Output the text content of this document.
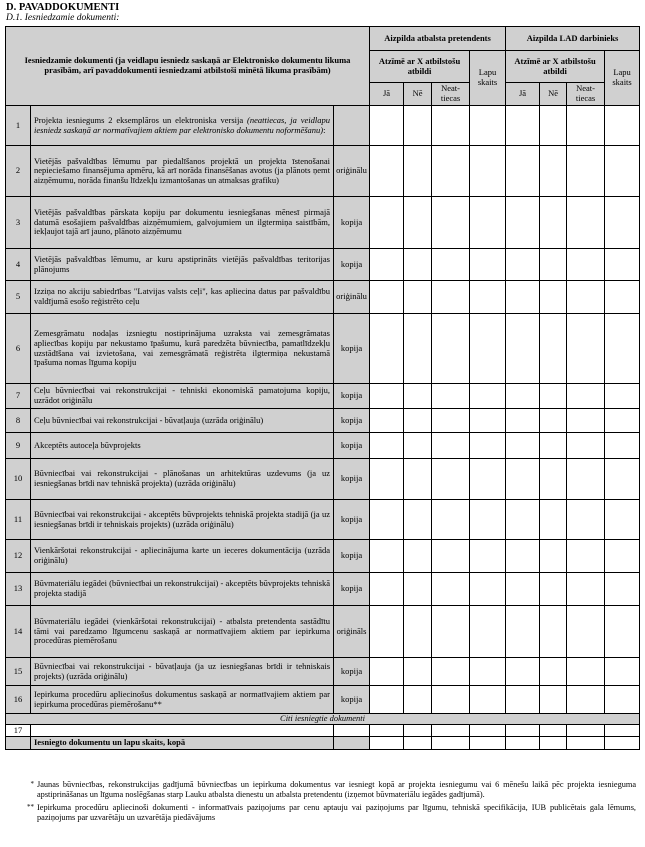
D. PAVADDOKUMENTI
D.1. Iesniedzamie dokumenti:
Iesniedzamie dokumenti (ja veidlapu iesniedz saskaņā ar Elektronisko dokumentu likuma prasībām, arī pavaddokumenti iesniedzami atbilstoši minētā likuma prasībām)			Aizpilda atbalsta pretendents				Aizpilda LAD darbinieks			
			Atzīmē ar X atbilstošu atbildi			Lapu skaits	Atzīmē ar X atbilstošu atbildi			Lapu skaits
			Jā	Nē	Neat-tiecas		Jā	Nē	Neat-tiecas	
1	Projekta iesniegums 2 eksemplāros un elektroniska versija (neattiecas, ja veidlapu iesniedz saskaņā ar normatīvajiem aktiem par elektronisko dokumentu noformēšanu):									
2	Vietējās pašvaldības lēmumu par piedalīšanos projektā un projekta īstenošanai nepieciešamo finansējuma apmēru, kā arī norāda finansēšanas avotus (ja plānots ņemt aizņēmumu, norāda finanšu līdzekļu izmantošanas un atmaksas grafiku)	oriģinālu								
3	Vietējās pašvaldības pārskata kopiju par dokumentu iesniegšanas mēnesī pirmajā datumā esošajiem pašvaldības aizņēmumiem, galvojumiem un ilgtermiņa saistībām, iekļaujot tajā arī jauno, plānoto aizņēmumu	kopija								
4	Vietējās pašvaldības lēmumu, ar kuru apstiprināts vietējās pašvaldības teritorijas plānojums	kopija								
5	Izziņa no akciju sabiedrības "Latvijas valsts ceļi", kas apliecina datus par pašvaldību valdījumā esošo reģistrēto ceļu	oriģinālu								
6	Zemesgrāmatu nodaļas izsniegtu nostiprinājuma uzraksta vai zemesgrāmatas apliecības kopiju par nekustamo īpašumu, kurā paredzēta būvniecība, pamatlīdzekļu uzstādīšana vai izvietošana, vai zemesgrāmatā reģistrēta ilgtermiņa nekustamā īpašuma nomas līguma kopiju	kopija								
7	Ceļu būvniecībai vai rekonstrukcijai - tehniski ekonomiskā pamatojuma kopiju, uzrādot oriģinālu	kopija								
8	Ceļu būvniecībai vai rekonstrukcijai - būvatļauja (uzrāda oriģinālu)	kopija								
9	Akceptēts autoceļa būvprojekts	kopija								
10	Būvniecībai vai rekonstrukcijai - plānošanas un arhitektūras uzdevums (ja uz iesniegšanas brīdi nav tehniskā projekta) (uzrāda oriģinālu)	kopija								
11	Būvniecībai vai rekonstrukcijai - akceptēts būvprojekts tehniskā projekta stadijā (ja uz iesniegšanas brīdi ir tehniskais projekts) (uzrāda oriģinālu)	kopija								
12	Vienkāršotai rekonstrukcijai - apliecinājuma karte un ieceres dokumentācija (uzrāda oriģinālu)	kopija								
13	Būvmateriālu iegādei (būvniecībai un rekonstrukcijai) - akceptēts būvprojekts tehniskā projekta stadijā	kopija								
14	Būvmateriālu iegādei (vienkāršotai rekonstrukcijai) - atbalsta pretendenta sastādītu tāmi vai paredzamo līgumcenu saskaņā ar normatīvajiem aktiem par iepirkuma procedūras piemērošanu	oriģināls								
15	Būvniecībai vai rekonstrukcijai - būvatļauja (ja uz iesniegšanas brīdi ir tehniskais projekts) (uzrāda oriģinālu)	kopija								
16	Iepirkuma procedūru apliecinošus dokumentus saskaņā ar normatīvajiem aktiem par iepirkuma procedūras piemērošanu**	kopija								
Citi iesniegtie dokumenti										
17										
	Iesniegto dokumentu un lapu skaits, kopā									
* Jaunas būvniecības, rekonstrukcijas gadījumā būvniecības un iepirkuma dokumentus var iesniegt kopā ar projekta iesniegumu vai 6 mēnešu laikā pēc projekta iesnieguma apstiprināšanas un līguma noslēgšanas starp Lauku atbalsta dienestu un atbalsta pretendentu (izņemot būvmateriālu iegādes gadījumā).
** Iepirkuma procedūru apliecinoši dokumenti - informatīvais paziņojums par cenu aptauju vai paziņojums par līgumu, tehniskā specifikācija, IUB publicētais gala lēmums, paziņojums par uzvarētāju un uzvarētāja piedāvājums
